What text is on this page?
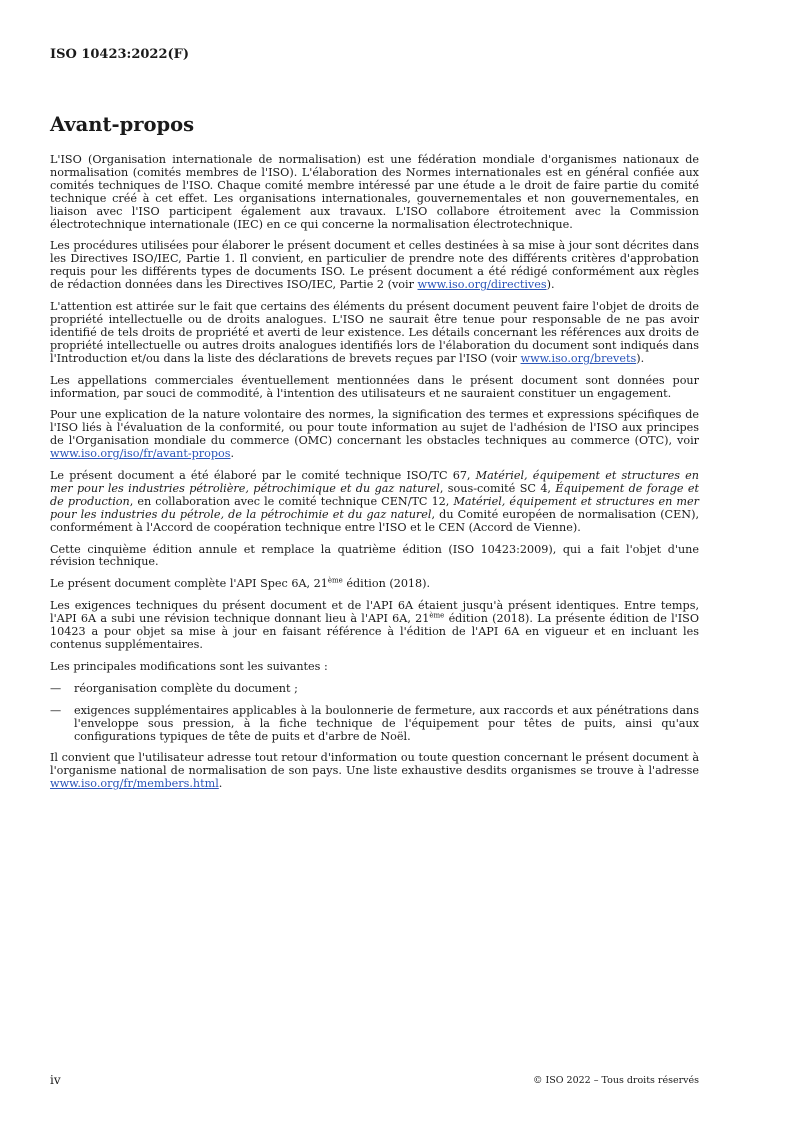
ISO 10423:2022(F)
Avant-propos

L'ISO (Organisation internationale de normalisation) est une fédération mondiale d'organismes nationaux de normalisation (comités membres de l'ISO). L'élaboration des Normes internationales est en général confiée aux comités techniques de l'ISO. Chaque comité membre intéressé par une étude a le droit de faire partie du comité technique créé à cet effet. Les organisations internationales, gouvernementales et non gouvernementales, en liaison avec l'ISO participent également aux travaux. L'ISO collabore étroitement avec la Commission électrotechnique internationale (IEC) en ce qui concerne la normalisation électrotechnique.

Les procédures utilisées pour élaborer le présent document et celles destinées à sa mise à jour sont décrites dans les Directives ISO/IEC, Partie 1. Il convient, en particulier de prendre note des différents critères d'approbation requis pour les différents types de documents ISO. Le présent document a été rédigé conformément aux règles de rédaction données dans les Directives ISO/IEC, Partie 2 (voir www.iso.org/directives).

L'attention est attirée sur le fait que certains des éléments du présent document peuvent faire l'objet de droits de propriété intellectuelle ou de droits analogues. L'ISO ne saurait être tenue pour responsable de ne pas avoir identifié de tels droits de propriété et averti de leur existence. Les détails concernant les références aux droits de propriété intellectuelle ou autres droits analogues identifiés lors de l'élaboration du document sont indiqués dans l'Introduction et/ou dans la liste des déclarations de brevets reçues par l'ISO (voir www.iso.org/brevets).

Les appellations commerciales éventuellement mentionnées dans le présent document sont données pour information, par souci de commodité, à l'intention des utilisateurs et ne sauraient constituer un engagement.

Pour une explication de la nature volontaire des normes, la signification des termes et expressions spécifiques de l'ISO liés à l'évaluation de la conformité, ou pour toute information au sujet de l'adhésion de l'ISO aux principes de l'Organisation mondiale du commerce (OMC) concernant les obstacles techniques au commerce (OTC), voir www.iso.org/iso/fr/avant-propos.

Le présent document a été élaboré par le comité technique ISO/TC 67, Matériel, équipement et structures en mer pour les industries pétrolière, pétrochimique et du gaz naturel, sous-comité SC 4, Équipement de forage et de production, en collaboration avec le comité technique CEN/TC 12, Matériel, équipement et structures en mer pour les industries du pétrole, de la pétrochimie et du gaz naturel, du Comité européen de normalisation (CEN), conformément à l'Accord de coopération technique entre l'ISO et le CEN (Accord de Vienne).

Cette cinquième édition annule et remplace la quatrième édition (ISO 10423:2009), qui a fait l'objet d'une révision technique.

Le présent document complète l'API Spec 6A, 21ème édition (2018).

Les exigences techniques du présent document et de l'API 6A étaient jusqu'à présent identiques. Entre temps, l'API 6A a subi une révision technique donnant lieu à l'API 6A, 21ème édition (2018). La présente édition de l'ISO 10423 a pour objet sa mise à jour en faisant référence à l'édition de l'API 6A en vigueur et en incluant les contenus supplémentaires.

Les principales modifications sont les suivantes :

—	réorganisation complète du document ;
—	exigences supplémentaires applicables à la boulonnerie de fermeture, aux raccords et aux pénétrations dans l'enveloppe sous pression, à la fiche technique de l'équipement pour têtes de puits, ainsi qu'aux configurations typiques de tête de puits et d'arbre de Noël.

Il convient que l'utilisateur adresse tout retour d'information ou toute question concernant le présent document à l'organisme national de normalisation de son pays. Une liste exhaustive desdits organismes se trouve à l'adresse www.iso.org/fr/members.html.

iv	© ISO 2022 – Tous droits réservés
